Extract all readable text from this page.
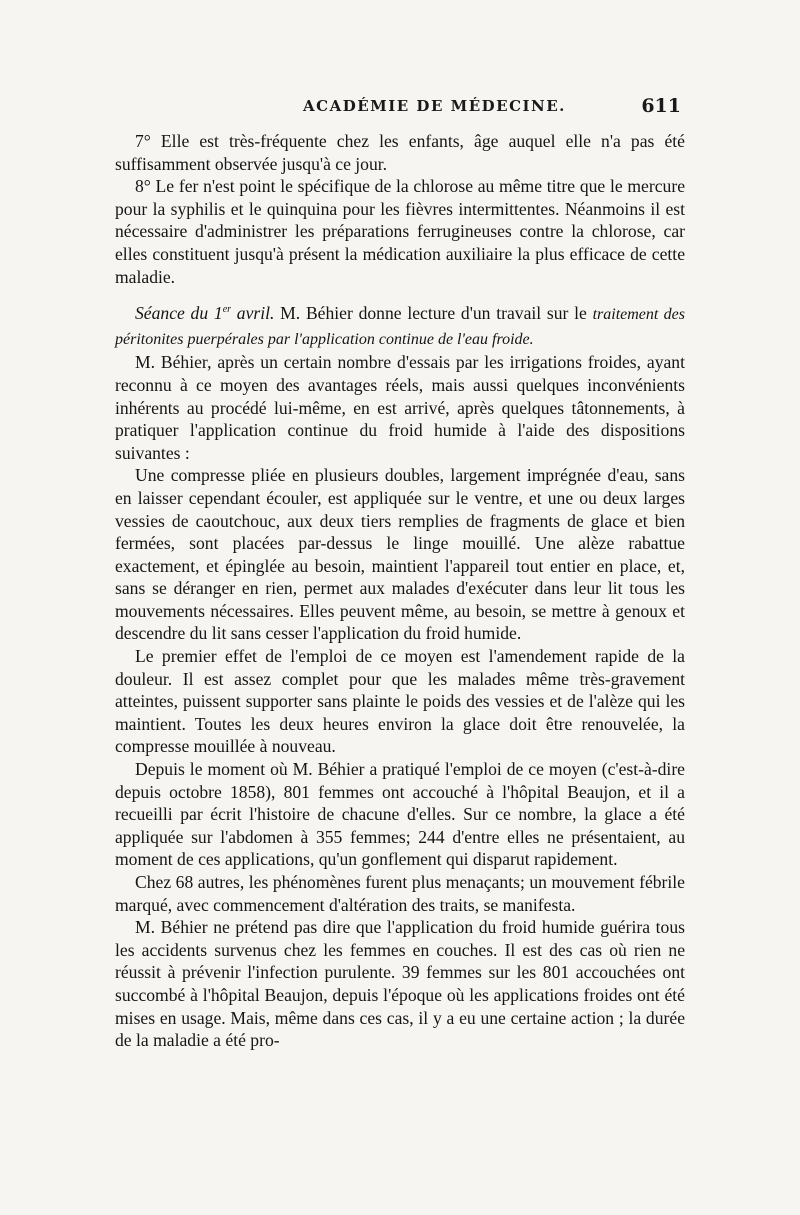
ACADÉMIE DE MÉDECINE.	611

7° Elle est très-fréquente chez les enfants, âge auquel elle n'a pas été suffisamment observée jusqu'à ce jour.

8° Le fer n'est point le spécifique de la chlorose au même titre que le mercure pour la syphilis et le quinquina pour les fièvres intermittentes. Néanmoins il est nécessaire d'administrer les préparations ferrugineuses contre la chlorose, car elles constituent jusqu'à présent la médication auxiliaire la plus efficace de cette maladie.

Séance du 1er avril. M. Béhier donne lecture d'un travail sur le traitement des péritonites puerpérales par l'application continue de l'eau froide.

M. Béhier, après un certain nombre d'essais par les irrigations froides, ayant reconnu à ce moyen des avantages réels, mais aussi quelques inconvénients inhérents au procédé lui-même, en est arrivé, après quelques tâtonnements, à pratiquer l'application continue du froid humide à l'aide des dispositions suivantes :

Une compresse pliée en plusieurs doubles, largement imprégnée d'eau, sans en laisser cependant écouler, est appliquée sur le ventre, et une ou deux larges vessies de caoutchouc, aux deux tiers remplies de fragments de glace et bien fermées, sont placées par-dessus le linge mouillé. Une alèze rabattue exactement, et épinglée au besoin, maintient l'appareil tout entier en place, et, sans se déranger en rien, permet aux malades d'exécuter dans leur lit tous les mouvements nécessaires. Elles peuvent même, au besoin, se mettre à genoux et descendre du lit sans cesser l'application du froid humide.

Le premier effet de l'emploi de ce moyen est l'amendement rapide de la douleur. Il est assez complet pour que les malades même très-gravement atteintes, puissent supporter sans plainte le poids des vessies et de l'alèze qui les maintient. Toutes les deux heures environ la glace doit être renouvelée, la compresse mouillée à nouveau.

Depuis le moment où M. Béhier a pratiqué l'emploi de ce moyen (c'est-à-dire depuis octobre 1858), 801 femmes ont accouché à l'hôpital Beaujon, et il a recueilli par écrit l'histoire de chacune d'elles. Sur ce nombre, la glace a été appliquée sur l'abdomen à 355 femmes; 244 d'entre elles ne présentaient, au moment de ces applications, qu'un gonflement qui disparut rapidement.

Chez 68 autres, les phénomènes furent plus menaçants; un mouvement fébrile marqué, avec commencement d'altération des traits, se manifesta.

M. Béhier ne prétend pas dire que l'application du froid humide guérira tous les accidents survenus chez les femmes en couches. Il est des cas où rien ne réussit à prévenir l'infection purulente. 39 femmes sur les 801 accouchées ont succombé à l'hôpital Beaujon, depuis l'époque où les applications froides ont été mises en usage. Mais, même dans ces cas, il y a eu une certaine action ; la durée de la maladie a été pro-
